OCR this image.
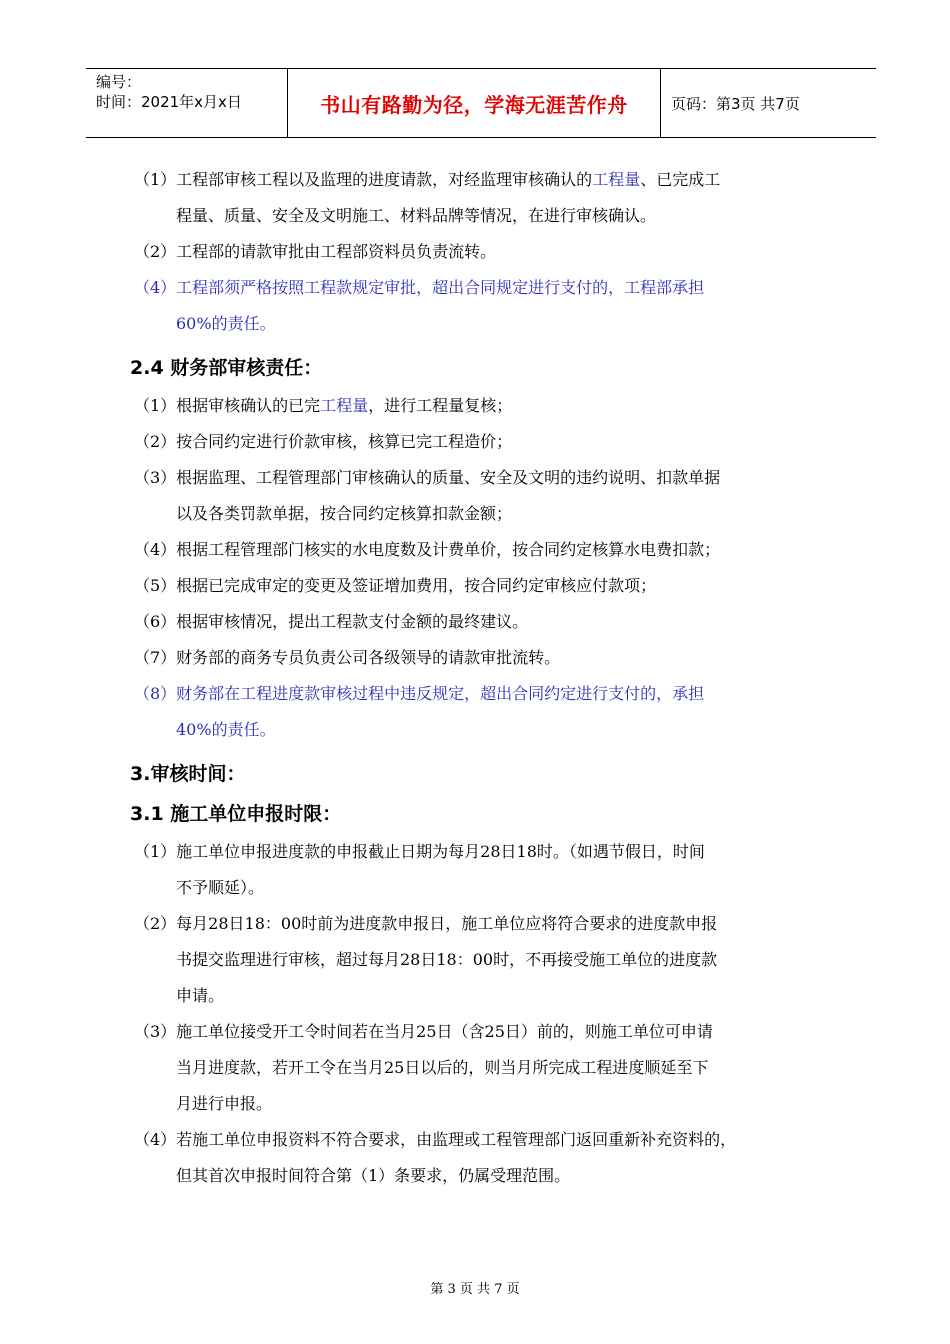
编号：
时间：2021年x月x日	书山有路勤为径，学海无涯苦作舟	页码：第3页 共7页
（1）工程部审核工程以及监理的进度请款，对经监理审核确认的工程量、已完成工
程量、质量、安全及文明施工、材料品牌等情况，在进行审核确认。
（2）工程部的请款审批由工程部资料员负责流转。
（4）工程部须严格按照工程款规定审批，超出合同规定进行支付的，工程部承担
60%的责任。
2.4 财务部审核责任：
（1）根据审核确认的已完工程量，进行工程量复核；
（2）按合同约定进行价款审核，核算已完工程造价；
（3）根据监理、工程管理部门审核确认的质量、安全及文明的违约说明、扣款单据
以及各类罚款单据，按合同约定核算扣款金额；
（4）根据工程管理部门核实的水电度数及计费单价，按合同约定核算水电费扣款；
（5）根据已完成审定的变更及签证增加费用，按合同约定审核应付款项；
（6）根据审核情况，提出工程款支付金额的最终建议。
（7）财务部的商务专员负责公司各级领导的请款审批流转。
（8）财务部在工程进度款审核过程中违反规定，超出合同约定进行支付的，承担
40%的责任。
3.审核时间：
3.1 施工单位申报时限：
（1）施工单位申报进度款的申报截止日期为每月28日18时。（如遇节假日，时间
不予顺延）。
（2）每月28日18：00时前为进度款申报日，施工单位应将符合要求的进度款申报
书提交监理进行审核，超过每月28日18：00时，不再接受施工单位的进度款
申请。
（3）施工单位接受开工令时间若在当月25日（含25日）前的，则施工单位可申请
当月进度款，若开工令在当月25日以后的，则当月所完成工程进度顺延至下
月进行申报。
（4）若施工单位申报资料不符合要求，由监理或工程管理部门返回重新补充资料的，
但其首次申报时间符合第（1）条要求，仍属受理范围。
第 3 页 共 7 页
